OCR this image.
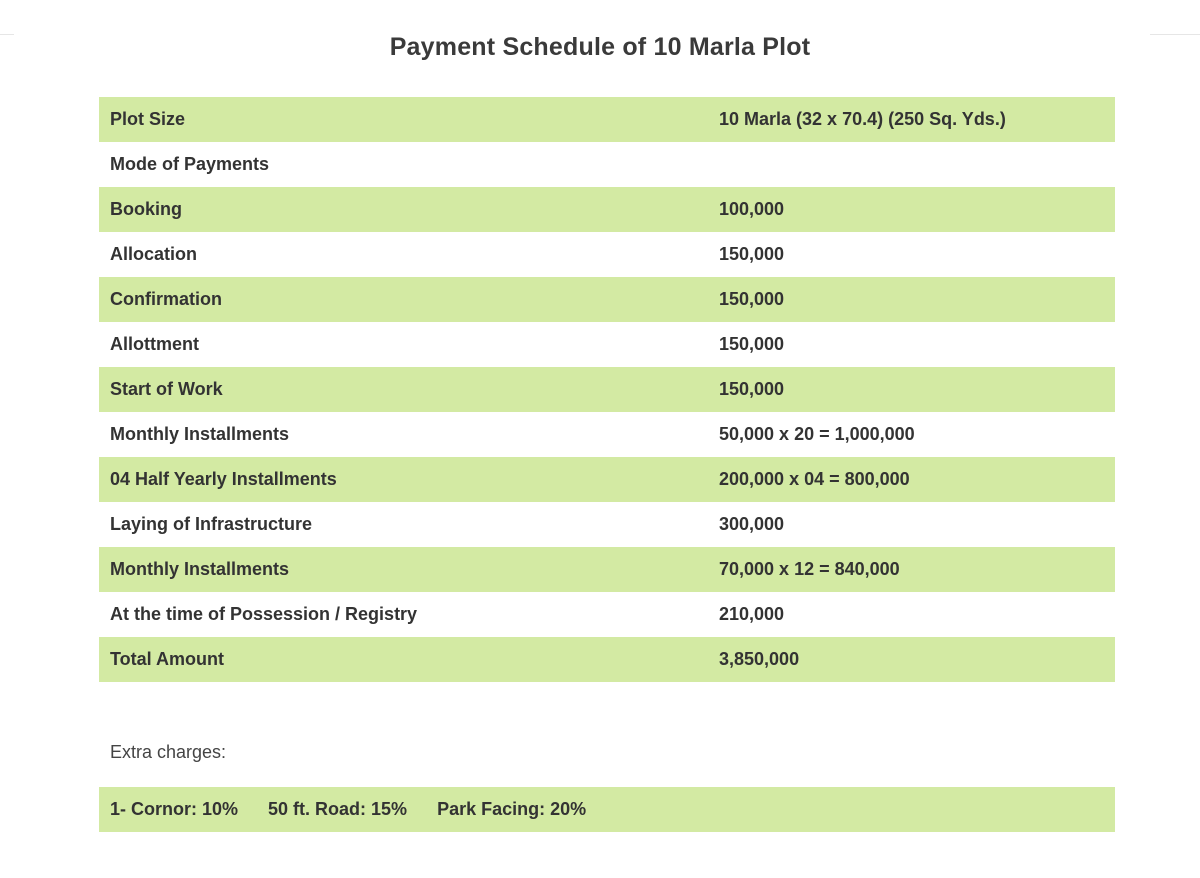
Payment Schedule of 10 Marla Plot
Plot Size	10 Marla (32 x 70.4) (250 Sq. Yds.)
Mode of Payments	
Booking	100,000
Allocation	150,000
Confirmation	150,000
Allottment	150,000
Start of Work	150,000
Monthly Installments	50,000 x 20 = 1,000,000
04 Half Yearly Installments	200,000 x 04 = 800,000
Laying of Infrastructure	300,000
Monthly Installments	70,000 x 12 = 840,000
At the time of Possession / Registry	210,000
Total Amount	3,850,000
Extra charges:
1- Cornor: 10% 50 ft. Road: 15% Park Facing: 20%
